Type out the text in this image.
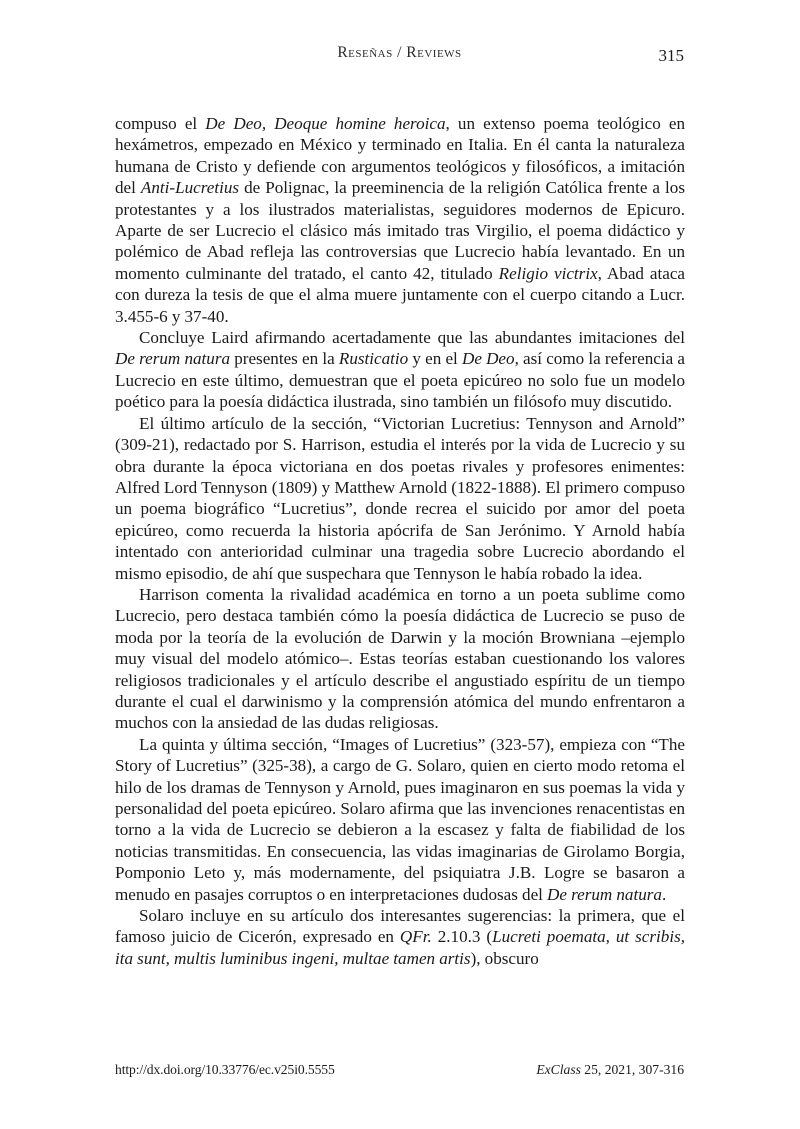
Reseñas / Reviews	315

compuso el De Deo, Deoque homine heroica, un extenso poema teológico en hexámetros, empezado en México y terminado en Italia. En él canta la naturaleza humana de Cristo y defiende con argumentos teológicos y filosóficos, a imitación del Anti-Lucretius de Polignac, la preeminencia de la religión Católica frente a los protestantes y a los ilustrados materialistas, seguidores modernos de Epicuro. Aparte de ser Lucrecio el clásico más imitado tras Virgilio, el poema didáctico y polémico de Abad refleja las controversias que Lucrecio había levantado. En un momento culminante del tratado, el canto 42, titulado Religio victrix, Abad ataca con dureza la tesis de que el alma muere juntamente con el cuerpo citando a Lucr. 3.455-6 y 37-40.

Concluye Laird afirmando acertadamente que las abundantes imitaciones del De rerum natura presentes en la Rusticatio y en el De Deo, así como la referencia a Lucrecio en este último, demuestran que el poeta epicúreo no solo fue un modelo poético para la poesía didáctica ilustrada, sino también un filósofo muy discutido.

El último artículo de la sección, “Victorian Lucretius: Tennyson and Arnold” (309-21), redactado por S. Harrison, estudia el interés por la vida de Lucrecio y su obra durante la época victoriana en dos poetas rivales y profesores enimentes: Alfred Lord Tennyson (1809) y Matthew Arnold (1822-1888). El primero compuso un poema biográfico “Lucretius”, donde recrea el suicido por amor del poeta epicúreo, como recuerda la historia apócrifa de San Jerónimo. Y Arnold había intentado con anterioridad culminar una tragedia sobre Lucrecio abordando el mismo episodio, de ahí que suspechara que Tennyson le había robado la idea.

Harrison comenta la rivalidad académica en torno a un poeta sublime como Lucrecio, pero destaca también cómo la poesía didáctica de Lucrecio se puso de moda por la teoría de la evolución de Darwin y la moción Browniana –ejemplo muy visual del modelo atómico–. Estas teorías estaban cuestionando los valores religiosos tradicionales y el artículo describe el angustiado espíritu de un tiempo durante el cual el darwinismo y la comprensión atómica del mundo enfrentaron a muchos con la ansiedad de las dudas religiosas.

La quinta y última sección, “Images of Lucretius” (323-57), empieza con “The Story of Lucretius” (325-38), a cargo de G. Solaro, quien en cierto modo retoma el hilo de los dramas de Tennyson y Arnold, pues imaginaron en sus poemas la vida y personalidad del poeta epicúreo. Solaro afirma que las invenciones renacentistas en torno a la vida de Lucrecio se debieron a la escasez y falta de fiabilidad de los noticias transmitidas. En consecuencia, las vidas imaginarias de Girolamo Borgia, Pomponio Leto y, más modernamente, del psiquiatra J.B. Logre se basaron a menudo en pasajes corruptos o en interpretaciones dudosas del De rerum natura.

Solaro incluye en su artículo dos interesantes sugerencias: la primera, que el famoso juicio de Cicerón, expresado en QFr. 2.10.3 (Lucreti poemata, ut scribis, ita sunt, multis luminibus ingeni, multae tamen artis), obscuro

http://dx.doi.org/10.33776/ec.v25i0.5555	ExClass 25, 2021, 307-316
